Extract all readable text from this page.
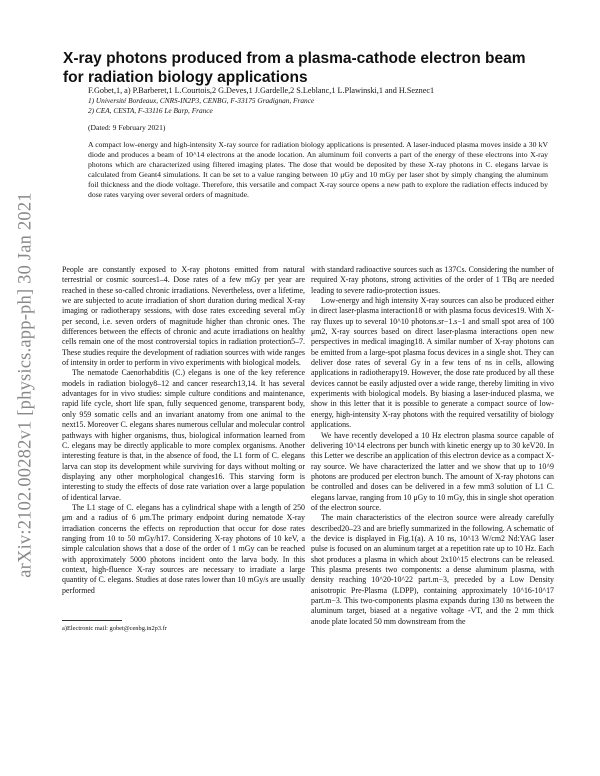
arXiv:2102.00282v1 [physics.app-ph] 30 Jan 2021
X-ray photons produced from a plasma-cathode electron beam for radiation biology applications
F.Gobet,1, a) P.Barberet,1 L.Courtois,2 G.Deves,1 J.Gardelle,2 S.Leblanc,1 L.Plawinski,1 and H.Seznec1
1) Université Bordeaux, CNRS-IN2P3, CENBG, F-33175 Gradignan, France
2) CEA, CESTA, F-33116 Le Barp, France
(Dated: 9 February 2021)

A compact low-energy and high-intensity X-ray source for radiation biology applications is presented. A laser-induced plasma moves inside a 30 kV diode and produces a beam of 10^14 electrons at the anode location. An aluminum foil converts a part of the energy of these electrons into X-ray photons which are characterized using filtered imaging plates. The dose that would be deposited by these X-ray photons in C. elegans larvae is calculated from Geant4 simulations. It can be set to a value ranging between 10 μGy and 10 mGy per laser shot by simply changing the aluminum foil thickness and the diode voltage. Therefore, this versatile and compact X-ray source opens a new path to explore the radiation effects induced by dose rates varying over several orders of magnitude.

People are constantly exposed to X-ray photons emitted from natural terrestrial or cosmic sources1–4. Dose rates of a few mGy per year are reached in these so-called chronic irradiations. Nevertheless, over a lifetime, we are subjected to acute irradiation of short duration during medical X-ray imaging or radiotherapy sessions, with dose rates exceeding several mGy per second, i.e. seven orders of magnitude higher than chronic ones. The differences between the effects of chronic and acute irradiations on healthy cells remain one of the most controversial topics in radiation protection5–7. These studies require the development of radiation sources with wide ranges of intensity in order to perform in vivo experiments with biological models.

The nematode Caenorhabditis (C.) elegans is one of the key reference models in radiation biology8–12 and cancer research13,14. It has several advantages for in vivo studies: simple culture conditions and maintenance, rapid life cycle, short life span, fully sequenced genome, transparent body, only 959 somatic cells and an invariant anatomy from one animal to the next15. Moreover C. elegans shares numerous cellular and molecular control pathways with higher organisms, thus, biological information learned from C. elegans may be directly applicable to more complex organisms. Another interesting feature is that, in the absence of food, the L1 form of C. elegans larva can stop its development while surviving for days without molting or displaying any other morphological changes16. This starving form is interesting to study the effects of dose rate variation over a large population of identical larvae.

The L1 stage of C. elegans has a cylindrical shape with a length of 250 μm and a radius of 6 μm.The primary endpoint during nematode X-ray irradiation concerns the effects on reproduction that occur for dose rates ranging from 10 to 50 mGy/h17. Considering X-ray photons of 10 keV, a simple calculation shows that a dose of the order of 1 mGy can be reached with approximately 5000 photons incident onto the larva body. In this context, high-fluence X-ray sources are necessary to irradiate a large quantity of C. elegans. Studies at dose rates lower than 10 mGy/s are usually performed

with standard radioactive sources such as 137Cs. Considering the number of required X-ray photons, strong activities of the order of 1 TBq are needed leading to severe radio-protection issues.

Low-energy and high intensity X-ray sources can also be produced either in direct laser-plasma interaction18 or with plasma focus devices19. With X-ray fluxes up to several 10^10 photons.sr−1.s−1 and small spot area of 100 μm2, X-ray sources based on direct laser-plasma interactions open new perspectives in medical imaging18. A similar number of X-ray photons can be emitted from a large-spot plasma focus devices in a single shot. They can deliver dose rates of several Gy in a few tens of ns in cells, allowing applications in radiotherapy19. However, the dose rate produced by all these devices cannot be easily adjusted over a wide range, thereby limiting in vivo experiments with biological models. By biasing a laser-induced plasma, we show in this letter that it is possible to generate a compact source of low-energy, high-intensity X-ray photons with the required versatility of biology applications.

We have recently developed a 10 Hz electron plasma source capable of delivering 10^14 electrons per bunch with kinetic energy up to 30 keV20. In this Letter we describe an application of this electron device as a compact X-ray source. We have characterized the latter and we show that up to 10^9 photons are produced per electron bunch. The amount of X-ray photons can be controlled and doses can be delivered in a few mm3 solution of L1 C. elegans larvae, ranging from 10 μGy to 10 mGy, this in single shot operation of the electron source.

The main characteristics of the electron source were already carefully described20–23 and are briefly summarized in the following. A schematic of the device is displayed in Fig.1(a). A 10 ns, 10^13 W/cm2 Nd:YAG laser pulse is focused on an aluminum target at a repetition rate up to 10 Hz. Each shot produces a plasma in which about 2x10^15 electrons can be released. This plasma presents two components: a dense aluminum plasma, with density reaching 10^20-10^22 part.m−3, preceded by a Low Density anisotropic Pre-Plasma (LDPP), containing approximately 10^16-10^17 part.m−3. This two-components plasma expands during 130 ns between the aluminum target, biased at a negative voltage -VT, and the 2 mm thick anode plate located 50 mm downstream from the

a)Electronic mail: gobet@cenbg.in2p3.fr
